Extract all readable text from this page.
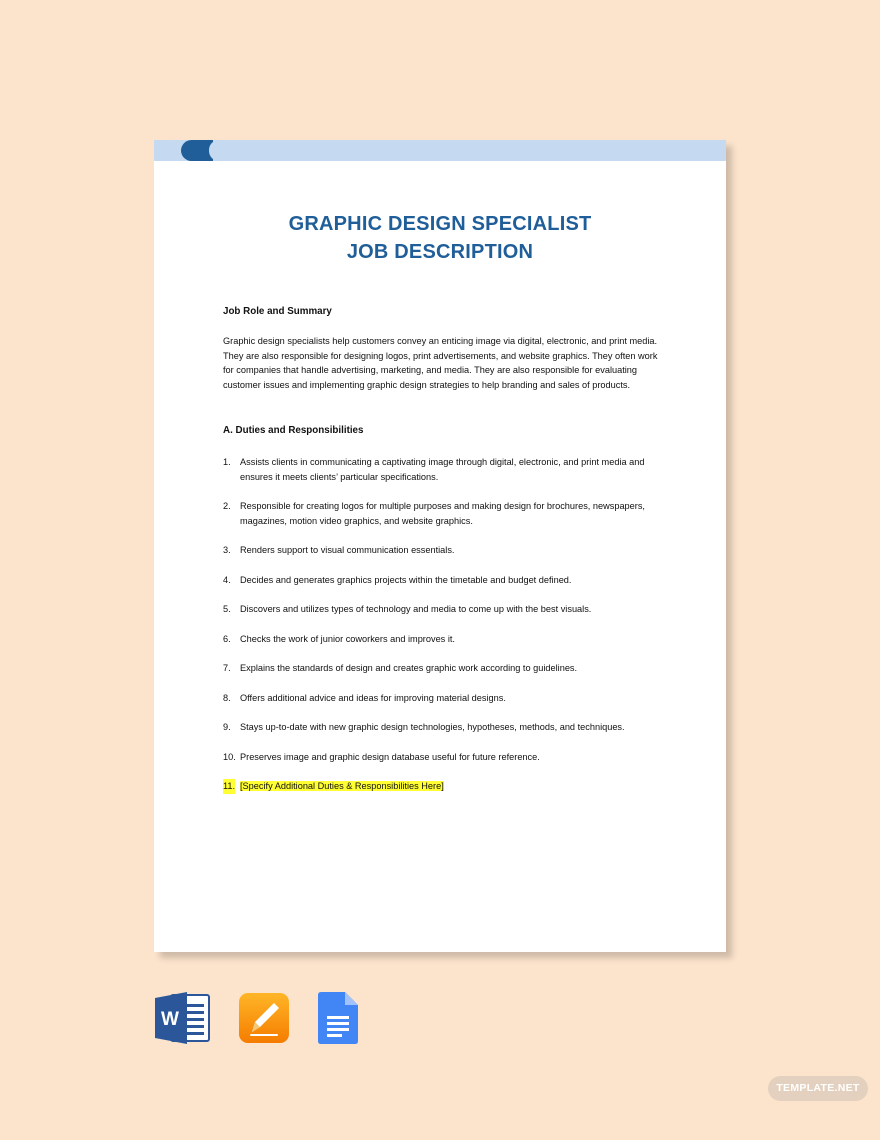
GRAPHIC DESIGN SPECIALIST
JOB DESCRIPTION
Job Role and Summary
Graphic design specialists help customers convey an enticing image via digital, electronic, and print media. They are also responsible for designing logos, print advertisements, and website graphics. They often work for companies that handle advertising, marketing, and media. They are also responsible for evaluating customer issues and implementing graphic design strategies to help branding and sales of products.
A. Duties and Responsibilities
1. Assists clients in communicating a captivating image through digital, electronic, and print media and ensures it meets clients’ particular specifications.
2. Responsible for creating logos for multiple purposes and making design for brochures, newspapers, magazines, motion video graphics, and website graphics.
3. Renders support to visual communication essentials.
4. Decides and generates graphics projects within the timetable and budget defined.
5. Discovers and utilizes types of technology and media to come up with the best visuals.
6. Checks the work of junior coworkers and improves it.
7. Explains the standards of design and creates graphic work according to guidelines.
8. Offers additional advice and ideas for improving material designs.
9. Stays up-to-date with new graphic design technologies, hypotheses, methods, and techniques.
10. Preserves image and graphic design database useful for future reference.
11. [Specify Additional Duties & Responsibilities Here]
W
TEMPLATE.NET
